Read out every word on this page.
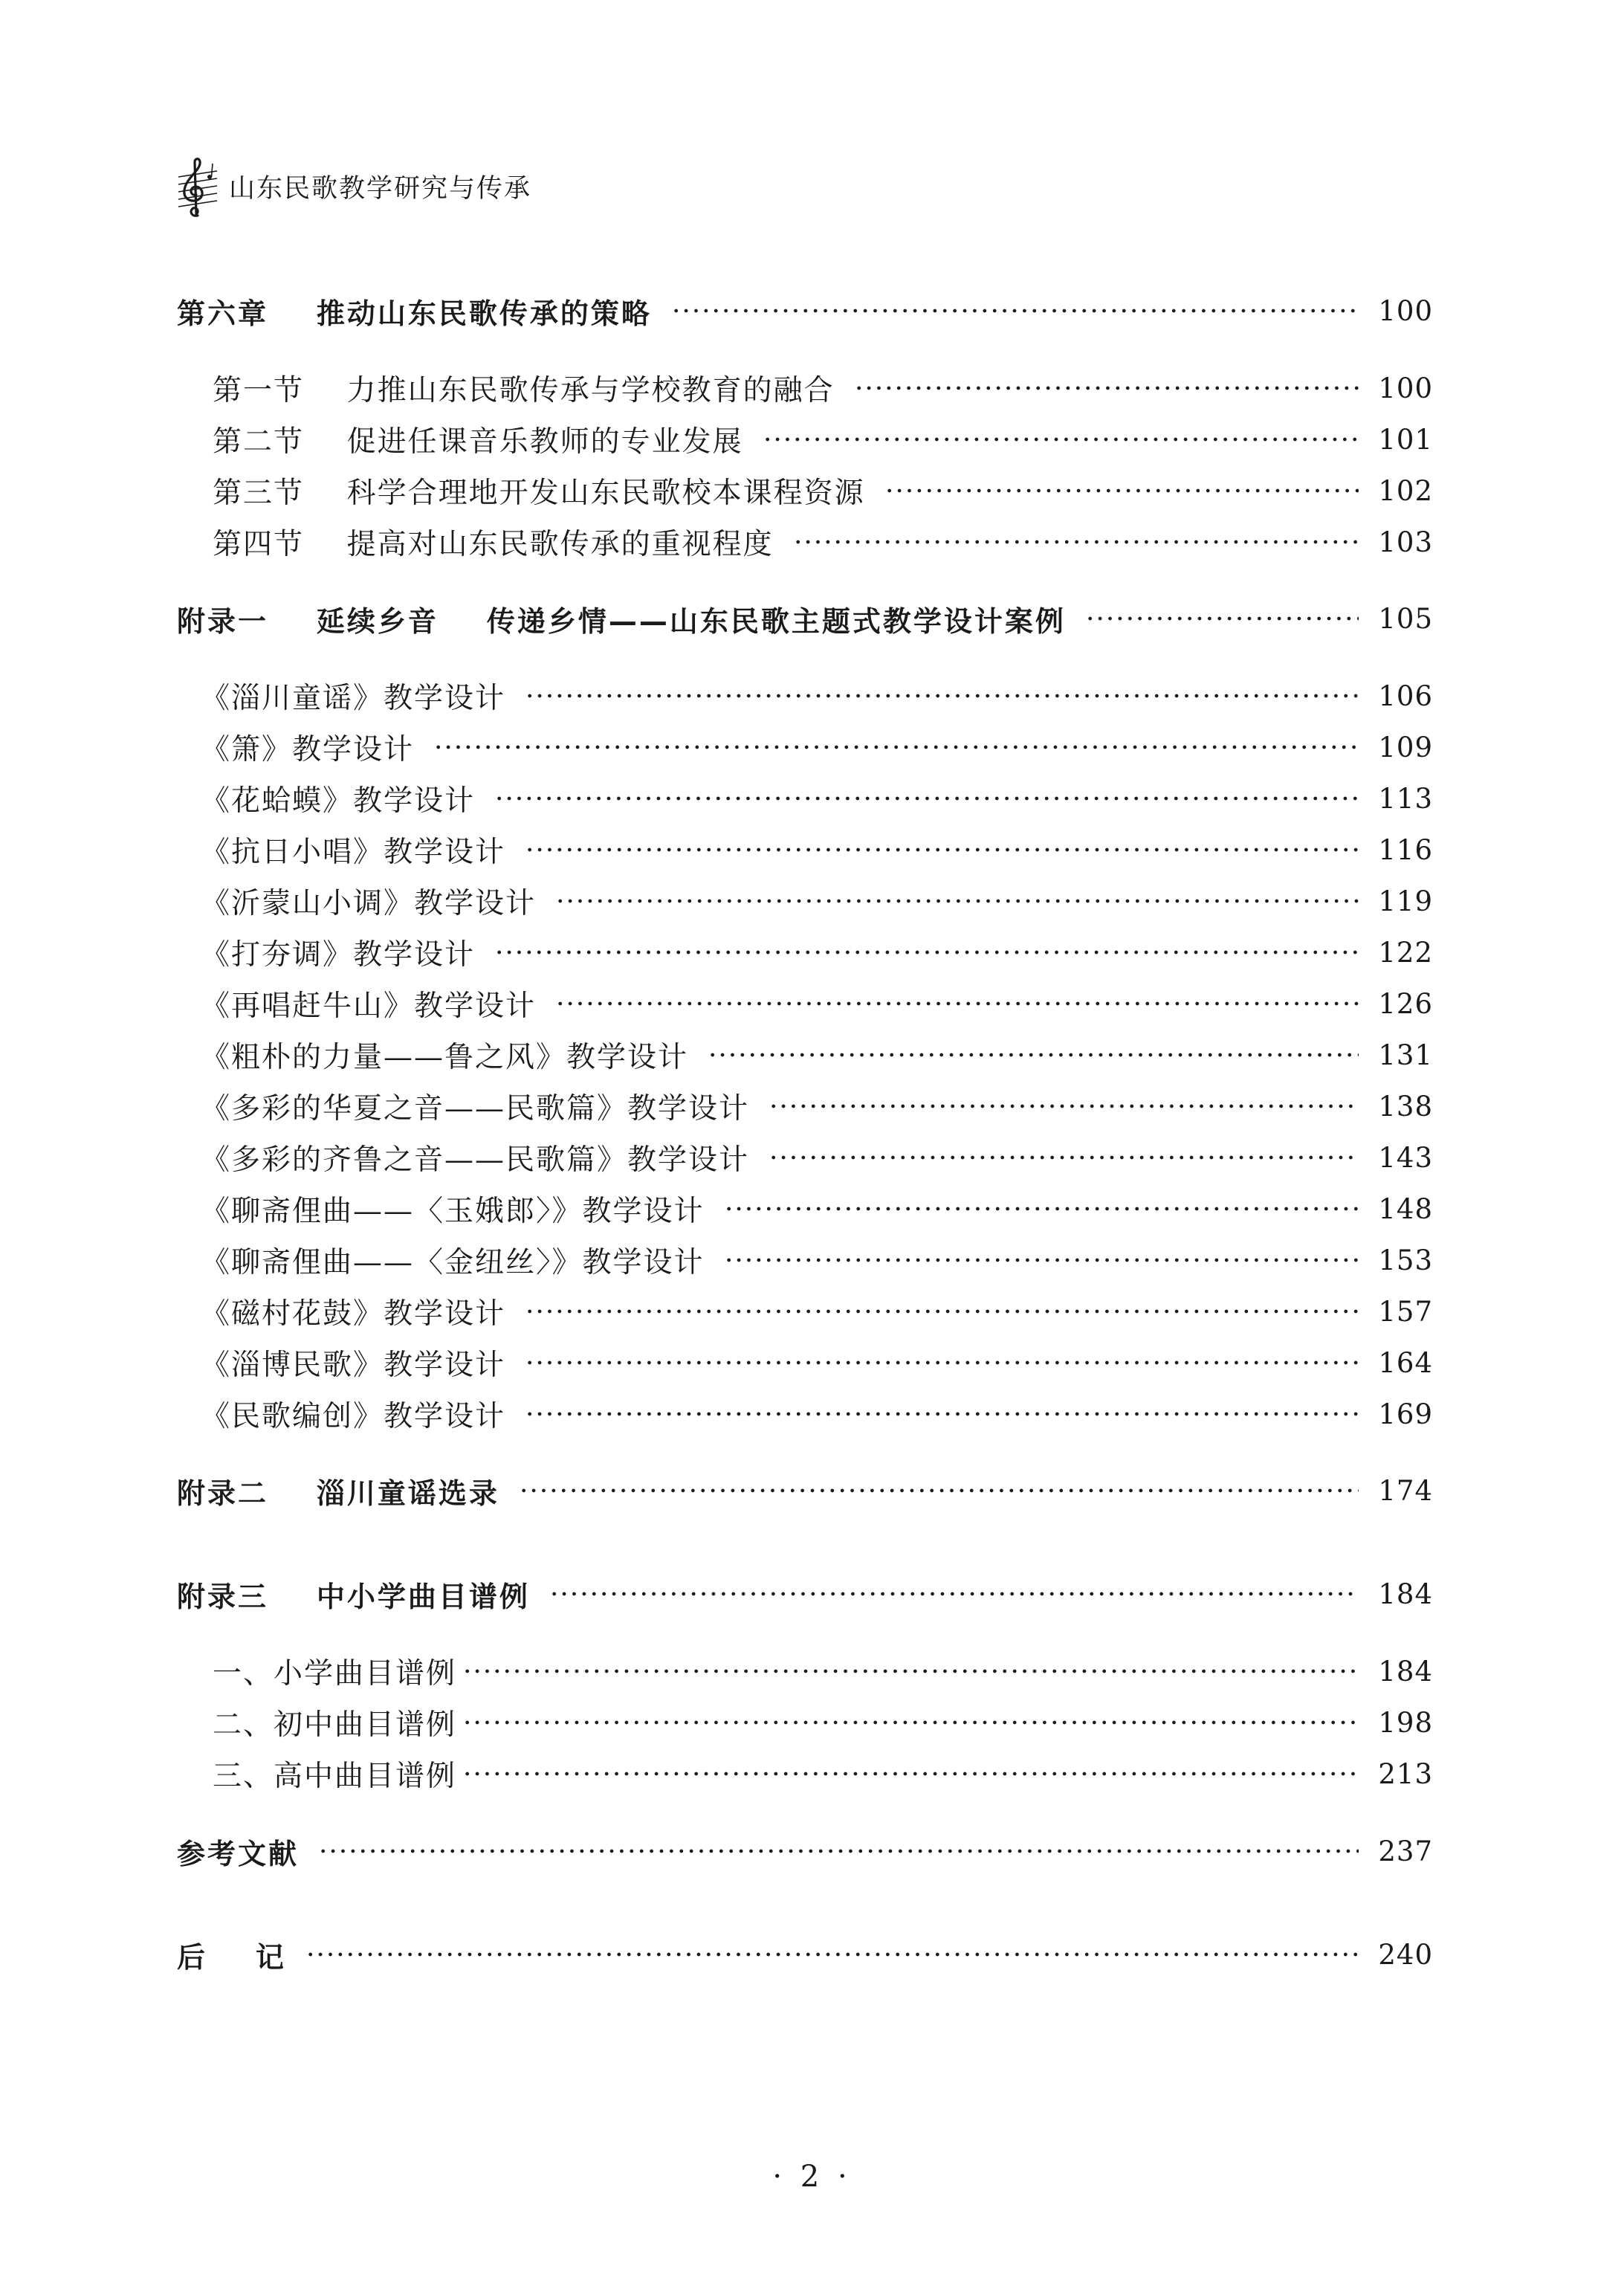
山东民歌教学研究与传承
第六章    推动山东民歌传承的策略	100
第一节    力推山东民歌传承与学校教育的融合	100
第二节    促进任课音乐教师的专业发展	101
第三节    科学合理地开发山东民歌校本课程资源	102
第四节    提高对山东民歌传承的重视程度	103
附录一    延续乡音    传递乡情——山东民歌主题式教学设计案例	105
《淄川童谣》教学设计	106
《箫》教学设计	109
《花蛤蟆》教学设计	113
《抗日小唱》教学设计	116
《沂蒙山小调》教学设计	119
《打夯调》教学设计	122
《再唱赶牛山》教学设计	126
《粗朴的力量——鲁之风》教学设计	131
《多彩的华夏之音——民歌篇》教学设计	138
《多彩的齐鲁之音——民歌篇》教学设计	143
《聊斋俚曲——〈玉娥郎〉》教学设计	148
《聊斋俚曲——〈金纽丝〉》教学设计	153
《磁村花鼓》教学设计	157
《淄博民歌》教学设计	164
《民歌编创》教学设计	169
附录二    淄川童谣选录	174
附录三    中小学曲目谱例	184
一、小学曲目谱例	184
二、初中曲目谱例	198
三、高中曲目谱例	213
参考文献	237
后    记	240
· 2 ·
